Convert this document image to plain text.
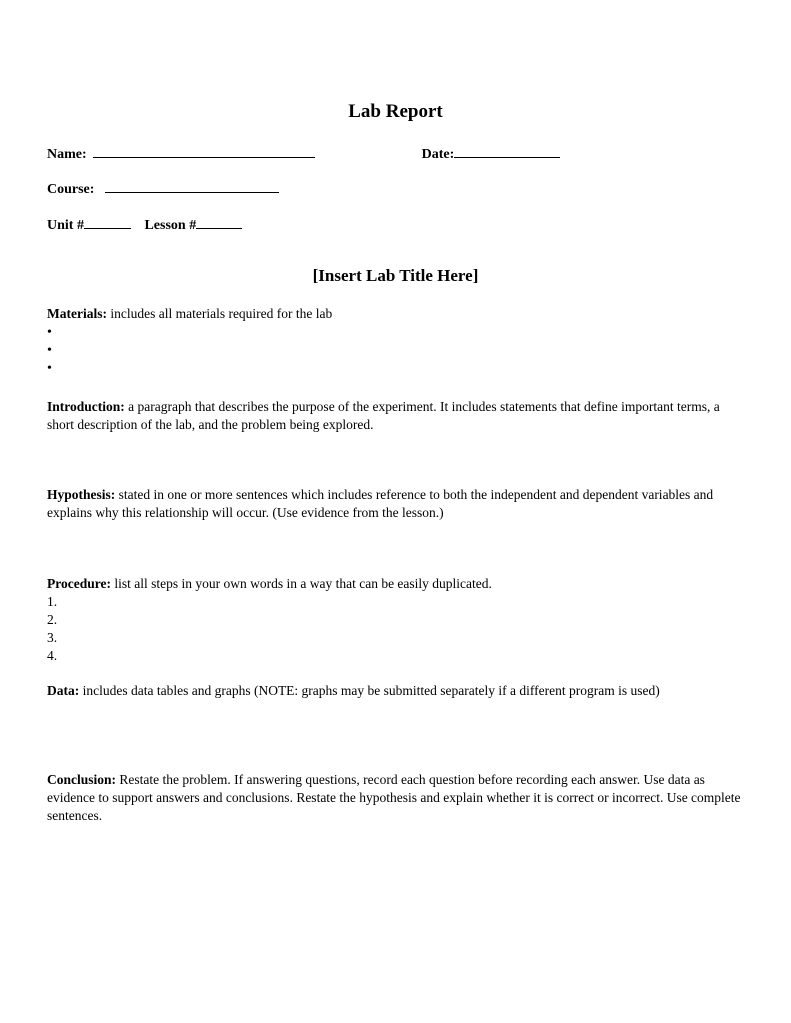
Lab Report
Name:	Date:
Course:
Unit #	Lesson #
[Insert Lab Title Here]
Materials: includes all materials required for the lab
•
•
•
Introduction: a paragraph that describes the purpose of the experiment. It includes statements that define important terms, a short description of the lab, and the problem being explored.
Hypothesis: stated in one or more sentences which includes reference to both the independent and dependent variables and explains why this relationship will occur. (Use evidence from the lesson.)
Procedure: list all steps in your own words in a way that can be easily duplicated.
1.
2.
3.
4.
Data: includes data tables and graphs (NOTE: graphs may be submitted separately if a different program is used)
Conclusion: Restate the problem. If answering questions, record each question before recording each answer. Use data as evidence to support answers and conclusions. Restate the hypothesis and explain whether it is correct or incorrect. Use complete sentences.
